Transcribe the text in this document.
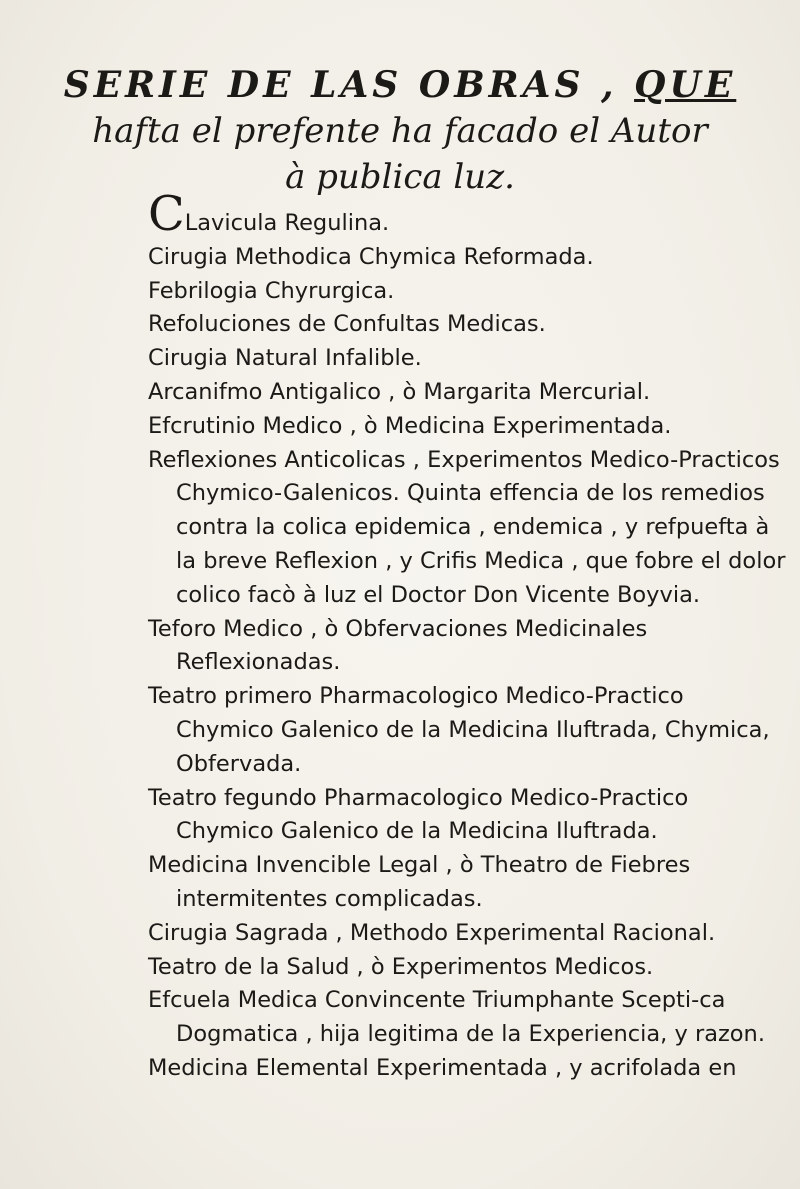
SERIE DE LAS OBRAS , QUE
hafta el prefente ha facado el Autor
à publica luz.

CLavicula Regulina.

Cirugia Methodica Chymica Reformada.

Febrilogia Chyrurgica.

Refoluciones de Confultas Medicas.

Cirugia Natural Infalible.

Arcanifmo Antigalico , ò Margarita Mercurial.

Efcrutinio Medico , ò Medicina Experimentada.

Reflexiones Anticolicas , Experimentos Medico-Practicos Chymico-Galenicos. Quinta effencia de los remedios contra la colica epidemica , endemica , y refpuefta à la breve Reflexion , y Crifis Medica , que fobre el dolor colico facò à luz el Doctor Don Vicente Boyvia.

Teforo Medico , ò Obfervaciones Medicinales Reflexionadas.

Teatro primero Pharmacologico Medico-Practico Chymico Galenico de la Medicina Iluftrada, Chymica, Obfervada.

Teatro fegundo Pharmacologico Medico-Practico Chymico Galenico de la Medicina Iluftrada.

Medicina Invencible Legal , ò Theatro de Fiebres intermitentes complicadas.

Cirugia Sagrada , Methodo Experimental Racional.

Teatro de la Salud , ò Experimentos Medicos.

Efcuela Medica Convincente Triumphante Scepti-ca Dogmatica , hija legitima de la Experiencia, y razon.

Medicina Elemental Experimentada , y acrifolada en
